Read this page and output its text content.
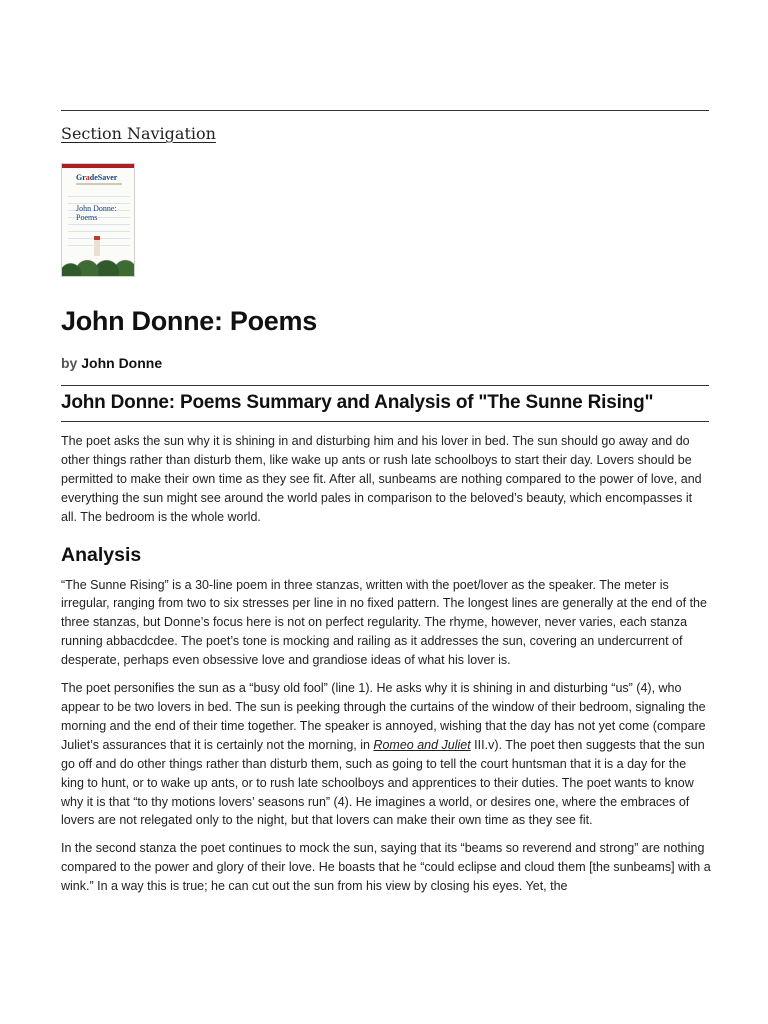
Section Navigation
GradeSaver
John Donne:
Poems
John Donne: Poems
by John Donne
John Donne: Poems Summary and Analysis of "The Sunne Rising"

The poet asks the sun why it is shining in and disturbing him and his lover in bed. The sun should go away and do other things rather than disturb them, like wake up ants or rush late schoolboys to start their day. Lovers should be permitted to make their own time as they see fit. After all, sunbeams are nothing compared to the power of love, and everything the sun might see around the world pales in comparison to the beloved’s beauty, which encompasses it all. The bedroom is the whole world.

Analysis

“The Sunne Rising” is a 30-line poem in three stanzas, written with the poet/lover as the speaker. The meter is irregular, ranging from two to six stresses per line in no fixed pattern. The longest lines are generally at the end of the three stanzas, but Donne’s focus here is not on perfect regularity. The rhyme, however, never varies, each stanza running abbacdcdee. The poet’s tone is mocking and railing as it addresses the sun, covering an undercurrent of desperate, perhaps even obsessive love and grandiose ideas of what his lover is.

The poet personifies the sun as a “busy old fool” (line 1). He asks why it is shining in and disturbing “us” (4), who appear to be two lovers in bed. The sun is peeking through the curtains of the window of their bedroom, signaling the morning and the end of their time together. The speaker is annoyed, wishing that the day has not yet come (compare Juliet’s assurances that it is certainly not the morning, in Romeo and Juliet III.v). The poet then suggests that the sun go off and do other things rather than disturb them, such as going to tell the court huntsman that it is a day for the king to hunt, or to wake up ants, or to rush late schoolboys and apprentices to their duties. The poet wants to know why it is that “to thy motions lovers’ seasons run” (4). He imagines a world, or desires one, where the embraces of lovers are not relegated only to the night, but that lovers can make their own time as they see fit.

In the second stanza the poet continues to mock the sun, saying that its “beams so reverend and strong” are nothing compared to the power and glory of their love. He boasts that he “could eclipse and cloud them [the sunbeams] with a wink.” In a way this is true; he can cut out the sun from his view by closing his eyes. Yet, the
